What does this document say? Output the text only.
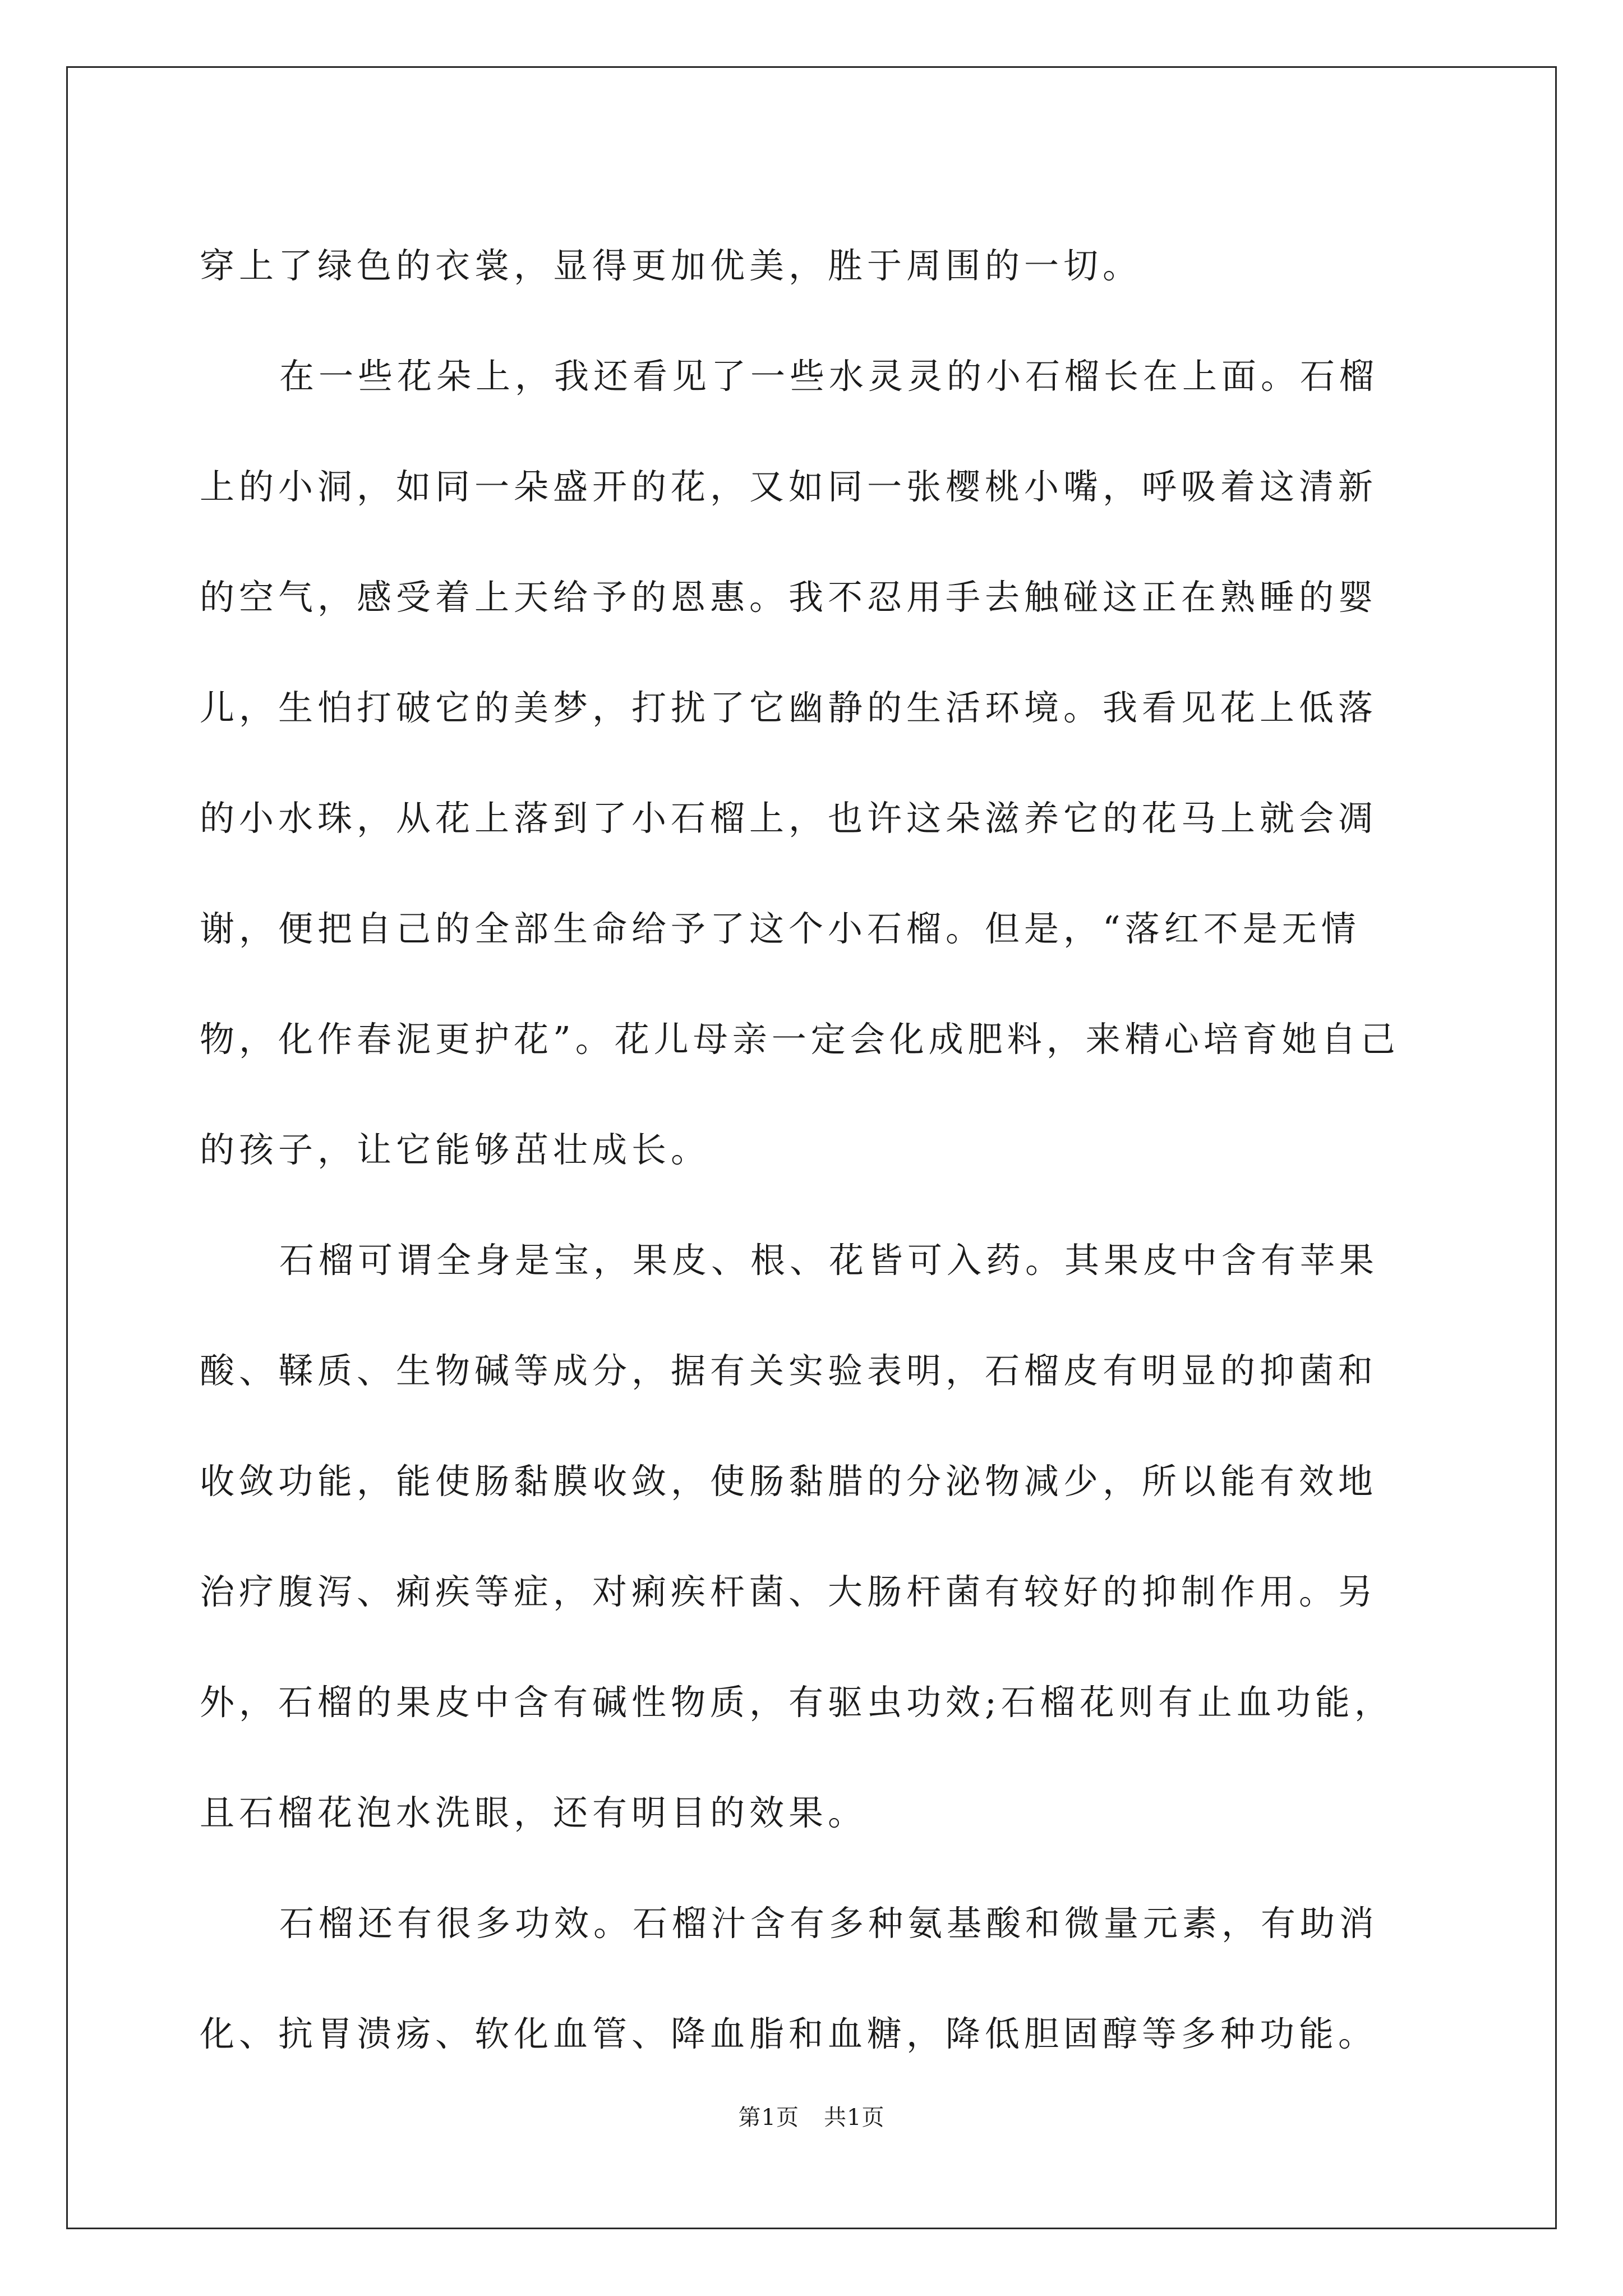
穿上了绿色的衣裳，显得更加优美，胜于周围的一切。

在一些花朵上，我还看见了一些水灵灵的小石榴长在上面。石榴
上的小洞，如同一朵盛开的花，又如同一张樱桃小嘴，呼吸着这清新
的空气，感受着上天给予的恩惠。我不忍用手去触碰这正在熟睡的婴
儿，生怕打破它的美梦，打扰了它幽静的生活环境。我看见花上低落
的小水珠，从花上落到了小石榴上，也许这朵滋养它的花马上就会凋
谢，便把自己的全部生命给予了这个小石榴。但是，“落红不是无情
物，化作春泥更护花”。花儿母亲一定会化成肥料，来精心培育她自己
的孩子，让它能够茁壮成长。

石榴可谓全身是宝，果皮、根、花皆可入药。其果皮中含有苹果
酸、鞣质、生物碱等成分，据有关实验表明，石榴皮有明显的抑菌和
收敛功能，能使肠黏膜收敛，使肠黏腊的分泌物减少，所以能有效地
治疗腹泻、痢疾等症，对痢疾杆菌、大肠杆菌有较好的抑制作用。另
外，石榴的果皮中含有碱性物质，有驱虫功效;石榴花则有止血功能，
且石榴花泡水洗眼，还有明目的效果。

石榴还有很多功效。石榴汁含有多种氨基酸和微量元素，有助消
化、抗胃溃疡、软化血管、降血脂和血糖，降低胆固醇等多种功能。

第1页 共1页
